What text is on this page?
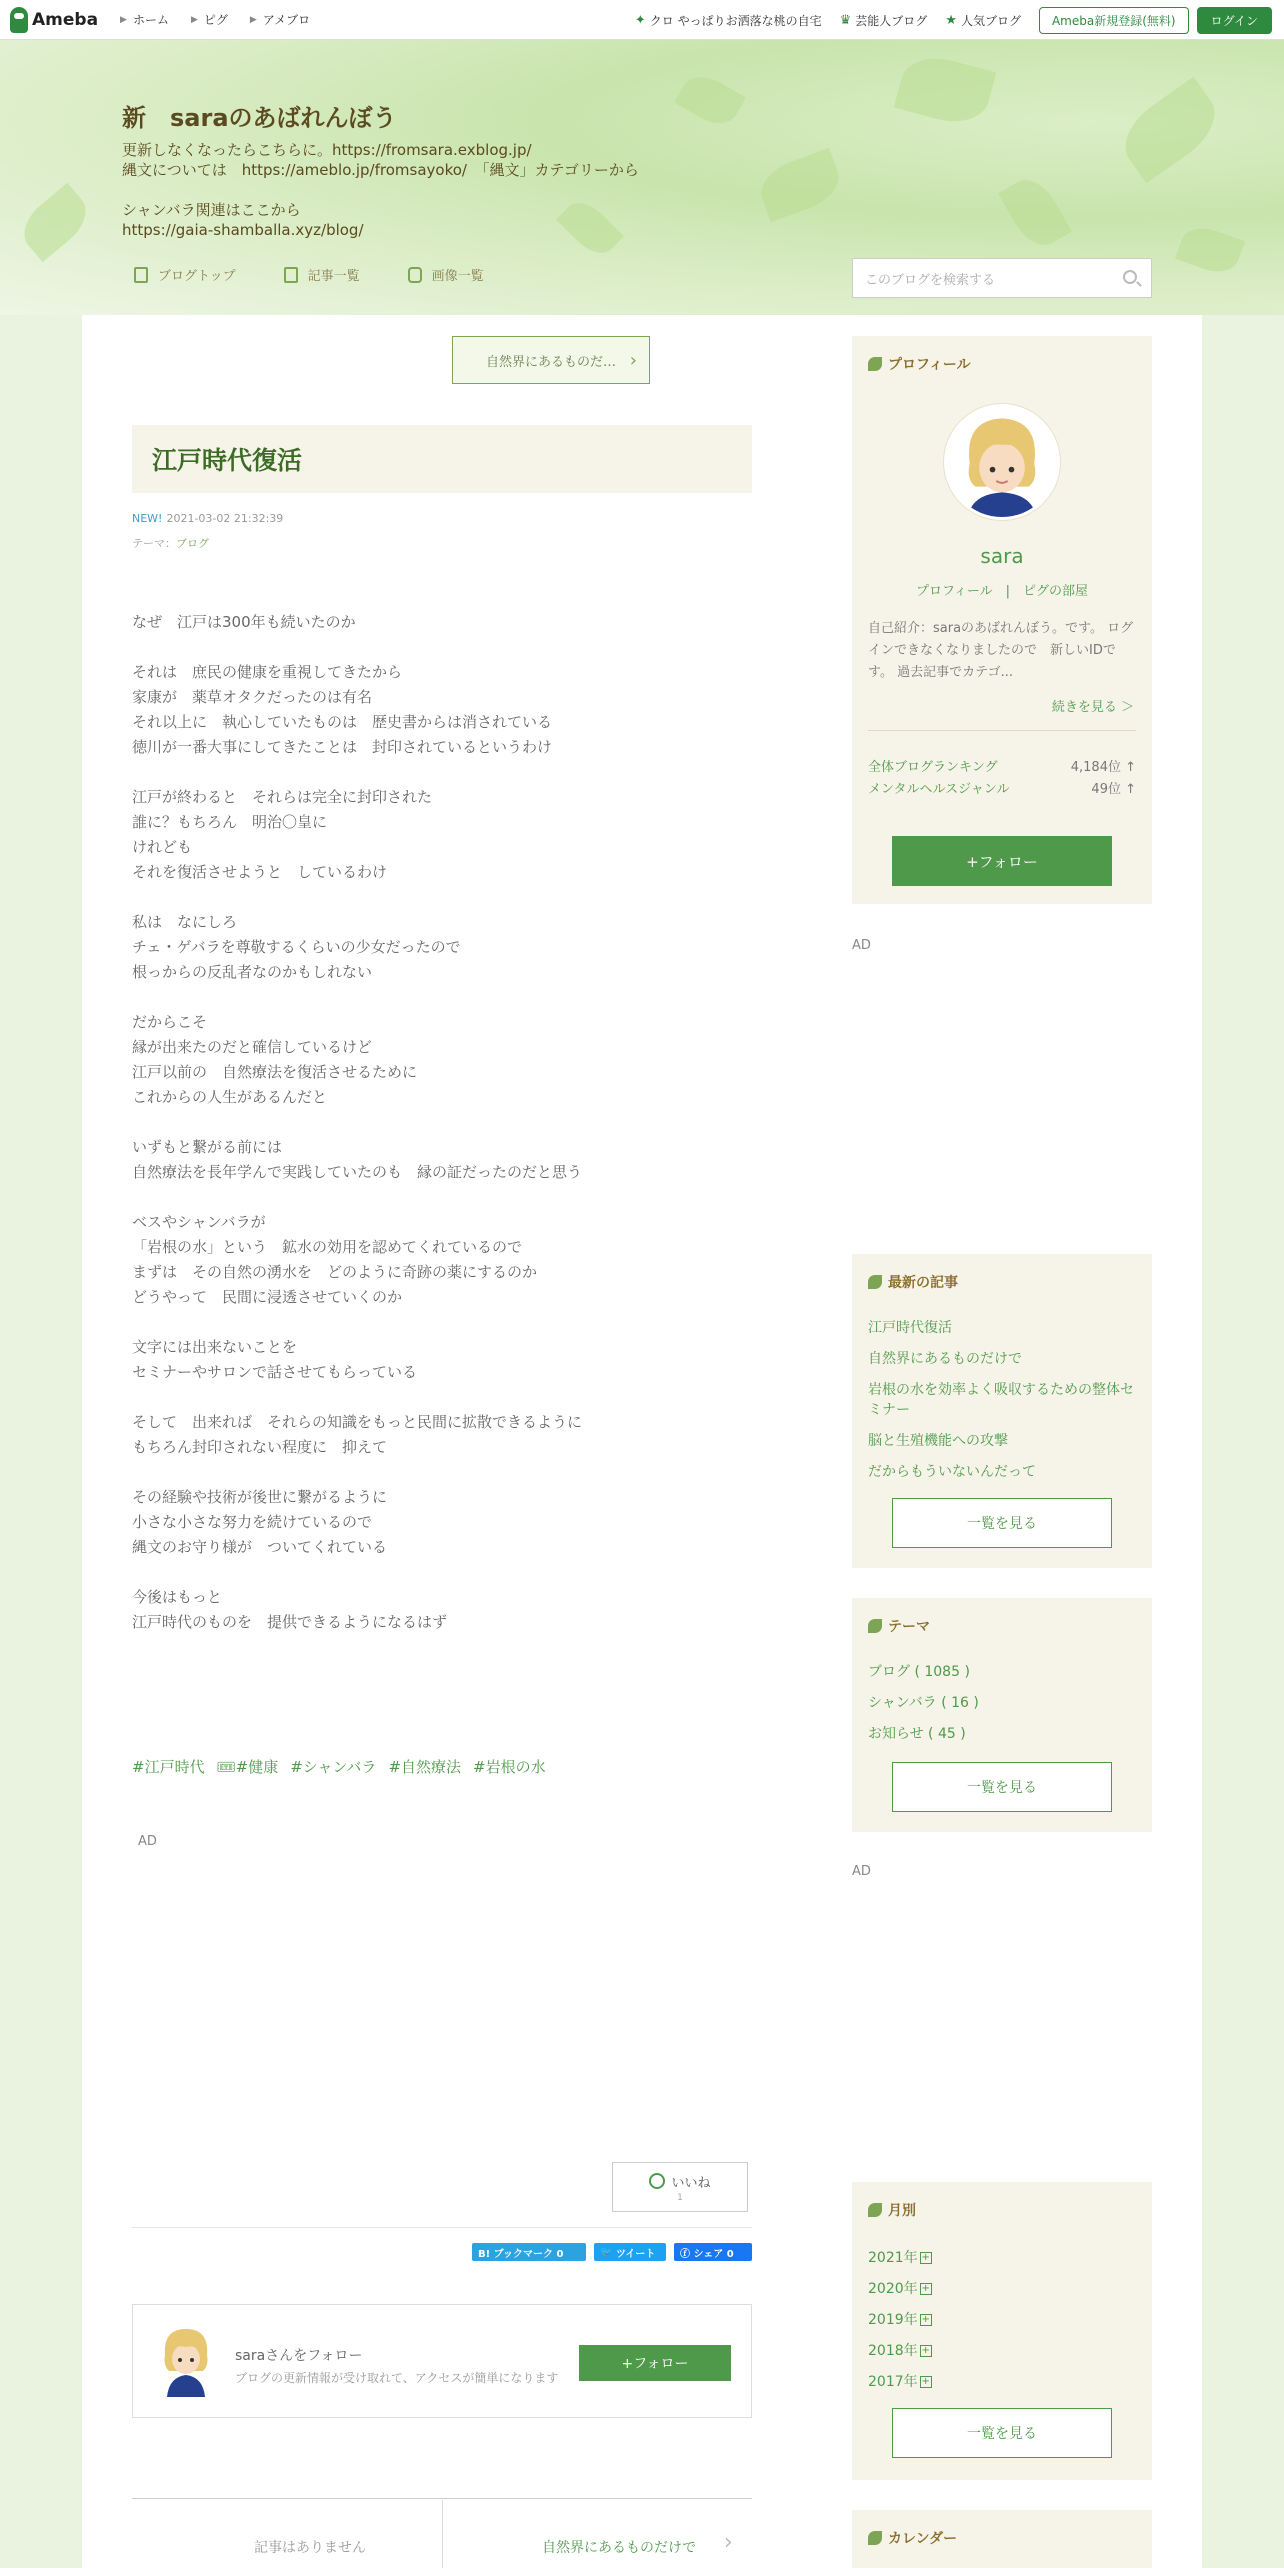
Ameba ▶ ホーム ▶ ピグ ▶ アメブロ	✦ クロ やっぱりお洒落な桃の自宅 ♛ 芸能人ブログ ★ 人気ブログ	Ameba新規登録(無料)	ログイン
新　saraのあばれんぼう
更新しなくなったらこちらに。https://fromsara.exblog.jp/
縄文については　https://ameblo.jp/fromsayoko/　「縄文」カテゴリーから

シャンバラ関連はここから
https://gaia-shamballa.xyz/blog/
ブログトップ	記事一覧	画像一覧	このブログを検索する
自然界にあるものだ… ›
江戸時代復活
NEW! 2021-03-02 21:32:39
テーマ：ブログ

なぜ　江戸は300年も続いたのか

それは　庶民の健康を重視してきたから

家康が　薬草オタクだったのは有名

それ以上に　執心していたものは　歴史書からは消されている

徳川が一番大事にしてきたことは　封印されているというわけ

江戸が終わると　それらは完全に封印された

誰に？もちろん　明治〇皇に

けれども

それを復活させようと　しているわけ

私は　なにしろ

チェ・ゲバラを尊敬するくらいの少女だったので

根っからの反乱者なのかもしれない

だからこそ

縁が出来たのだと確信しているけど

江戸以前の　自然療法を復活させるために

これからの人生があるんだと

いずもと繋がる前には

自然療法を長年学んで実践していたのも　縁の証だったのだと思う

ベスやシャンバラが

「岩根の水」という　鉱水の効用を認めてくれているので

まずは　その自然の湧水を　どのように奇跡の薬にするのか

どうやって　民間に浸透させていくのか

文字には出来ないことを

セミナーやサロンで話させてもらっている

そして　出来れば　それらの知識をもっと民間に拡散できるように

もちろん封印されない程度に　抑えて

その経験や技術が後世に繋がるように

小さな小さな努力を続けているので

縄文のお守り様が　ついてくれている

今後はもっと

江戸時代のものを　提供できるようになるはず

#江戸時代 🎟#健康 #シャンバラ #自然療法 #岩根の水
AD
いいね
1
B! ブックマーク 0	🐦
ツイート ⓕ
シェア 0
saraさんをフォロー
ブログの更新情報が受け取れて、アクセスが簡単になります
+フォロー
記事はありません	自然界にあるものだけで ›
プロフィール
sara
プロフィール　|　ピグの部屋
自己紹介：saraのあばれんぼう。です。 ログインできなくなりましたので　新しいIDです。 過去記事でカテゴ...
続きを見る ＞
全体ブログランキング	4,184位 ↑
メンタルヘルスジャンル	49位 ↑
+フォロー
AD
最新の記事
江戸時代復活
自然界にあるものだけで
岩根の水を効率よく吸収するための整体セミナー
脳と生殖機能への攻撃
だからもういないんだって
一覧を見る
テーマ
ブログ ( 1085 )
シャンバラ ( 16 )
お知らせ ( 45 )
一覧を見る
AD
月別
2021年 +
2020年 +
2019年 +
2018年 +
2017年 +
一覧を見る
カレンダー
